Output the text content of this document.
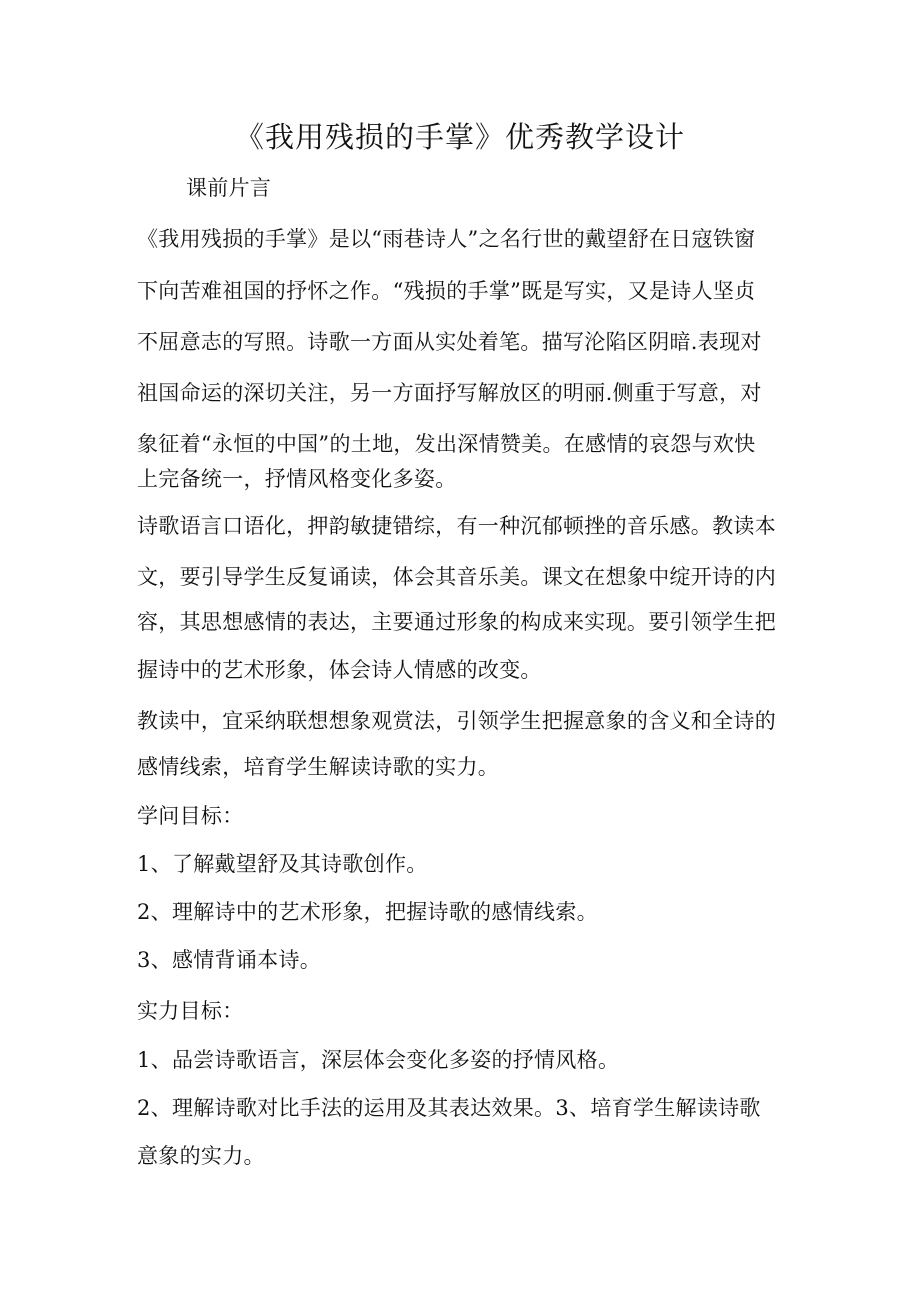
《我用残损的手掌》优秀教学设计

课前片言

《我用残损的手掌》是以“雨巷诗人”之名行世的戴望舒在日寇铁窗

下向苦难祖国的抒怀之作。“残损的手掌”既是写实，又是诗人坚贞

不屈意志的写照。诗歌一方面从实处着笔。描写沦陷区阴暗.表现对

祖国命运的深切关注，另一方面抒写解放区的明丽.侧重于写意，对

象征着“永恒的中国”的土地，发出深情赞美。在感情的哀怨与欢快

上完备统一，抒情风格变化多姿。

诗歌语言口语化，押韵敏捷错综，有一种沉郁顿挫的音乐感。教读本

文，要引导学生反复诵读，体会其音乐美。课文在想象中绽开诗的内

容，其思想感情的表达，主要通过形象的构成来实现。要引领学生把

握诗中的艺术形象，体会诗人情感的改变。

教读中，宜采纳联想想象观赏法，引领学生把握意象的含义和全诗的

感情线索，培育学生解读诗歌的实力。

学问目标：

1、了解戴望舒及其诗歌创作。

2、理解诗中的艺术形象，把握诗歌的感情线索。

3、感情背诵本诗。

实力目标：

1、品尝诗歌语言，深层体会变化多姿的抒情风格。

2、理解诗歌对比手法的运用及其表达效果。3、培育学生解读诗歌

意象的实力。
